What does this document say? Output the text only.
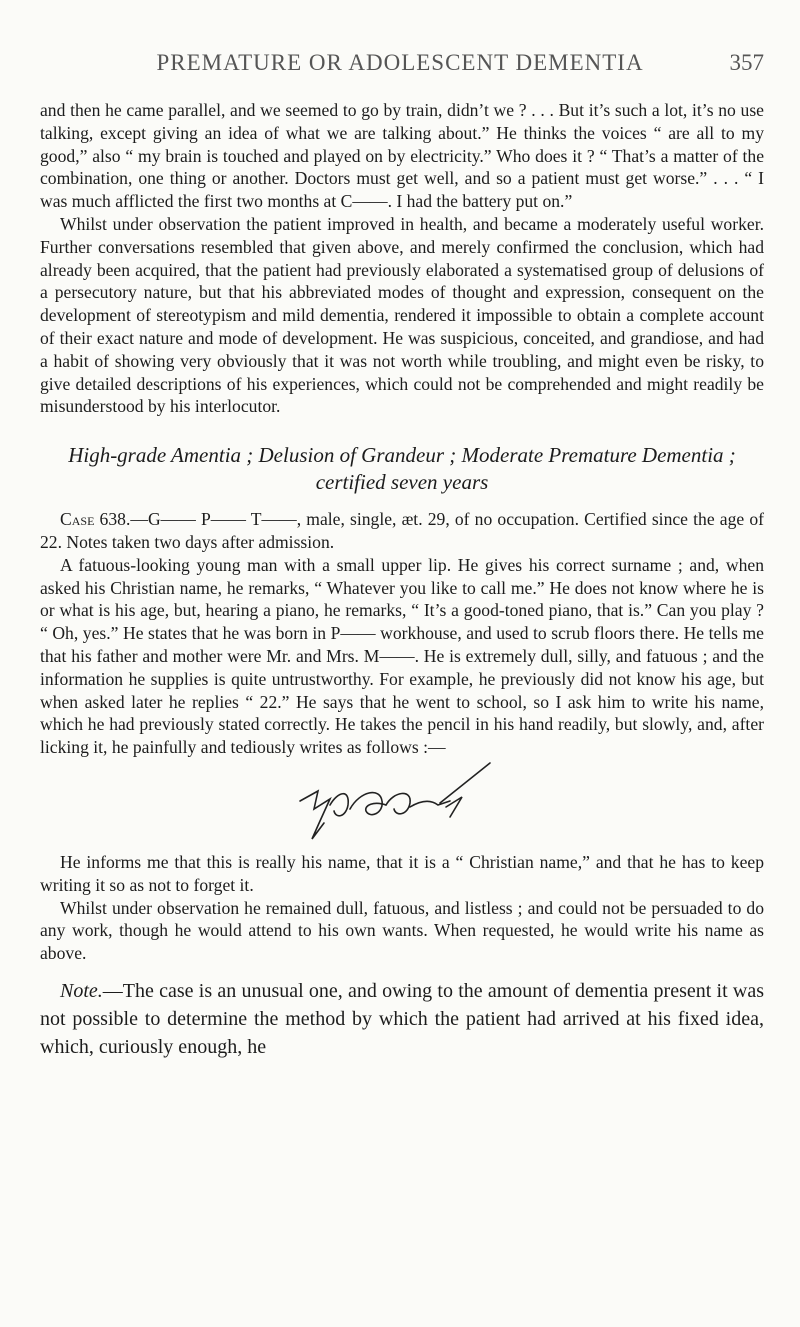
PREMATURE OR ADOLESCENT DEMENTIA	357

and then he came parallel, and we seemed to go by train, didn’t we ? . . . But it’s such a lot, it’s no use talking, except giving an idea of what we are talking about.” He thinks the voices “ are all to my good,” also “ my brain is touched and played on by electricity.” Who does it ? “ That’s a matter of the combination, one thing or another. Doctors must get well, and so a patient must get worse.” . . . “ I was much afflicted the first two months at C——. I had the battery put on.”

Whilst under observation the patient improved in health, and became a moderately useful worker. Further conversations resembled that given above, and merely confirmed the conclusion, which had already been acquired, that the patient had previously elaborated a systematised group of delusions of a persecutory nature, but that his abbreviated modes of thought and expression, consequent on the development of stereotypism and mild dementia, rendered it impossible to obtain a complete account of their exact nature and mode of development. He was suspicious, conceited, and grandiose, and had a habit of showing very obviously that it was not worth while troubling, and might even be risky, to give detailed descriptions of his experiences, which could not be comprehended and might readily be misunderstood by his interlocutor.

High-grade Amentia ; Delusion of Grandeur ; Moderate Premature Dementia ; certified seven years

Case 638.—G—— P—— T——, male, single, æt. 29, of no occupation. Certified since the age of 22. Notes taken two days after admission.

A fatuous-looking young man with a small upper lip. He gives his correct surname ; and, when asked his Christian name, he remarks, “ Whatever you like to call me.” He does not know where he is or what is his age, but, hearing a piano, he remarks, “ It’s a good-toned piano, that is.” Can you play ? “ Oh, yes.” He states that he was born in P—— workhouse, and used to scrub floors there. He tells me that his father and mother were Mr. and Mrs. M——. He is extremely dull, silly, and fatuous ; and the information he supplies is quite untrustworthy. For example, he previously did not know his age, but when asked later he replies “ 22.” He says that he went to school, so I ask him to write his name, which he had previously stated correctly. He takes the pencil in his hand readily, but slowly, and, after licking it, he painfully and tediously writes as follows :—

He informs me that this is really his name, that it is a “ Christian name,” and that he has to keep writing it so as not to forget it.

Whilst under observation he remained dull, fatuous, and listless ; and could not be persuaded to do any work, though he would attend to his own wants. When requested, he would write his name as above.

Note.—The case is an unusual one, and owing to the amount of dementia present it was not possible to determine the method by which the patient had arrived at his fixed idea, which, curiously enough, he
